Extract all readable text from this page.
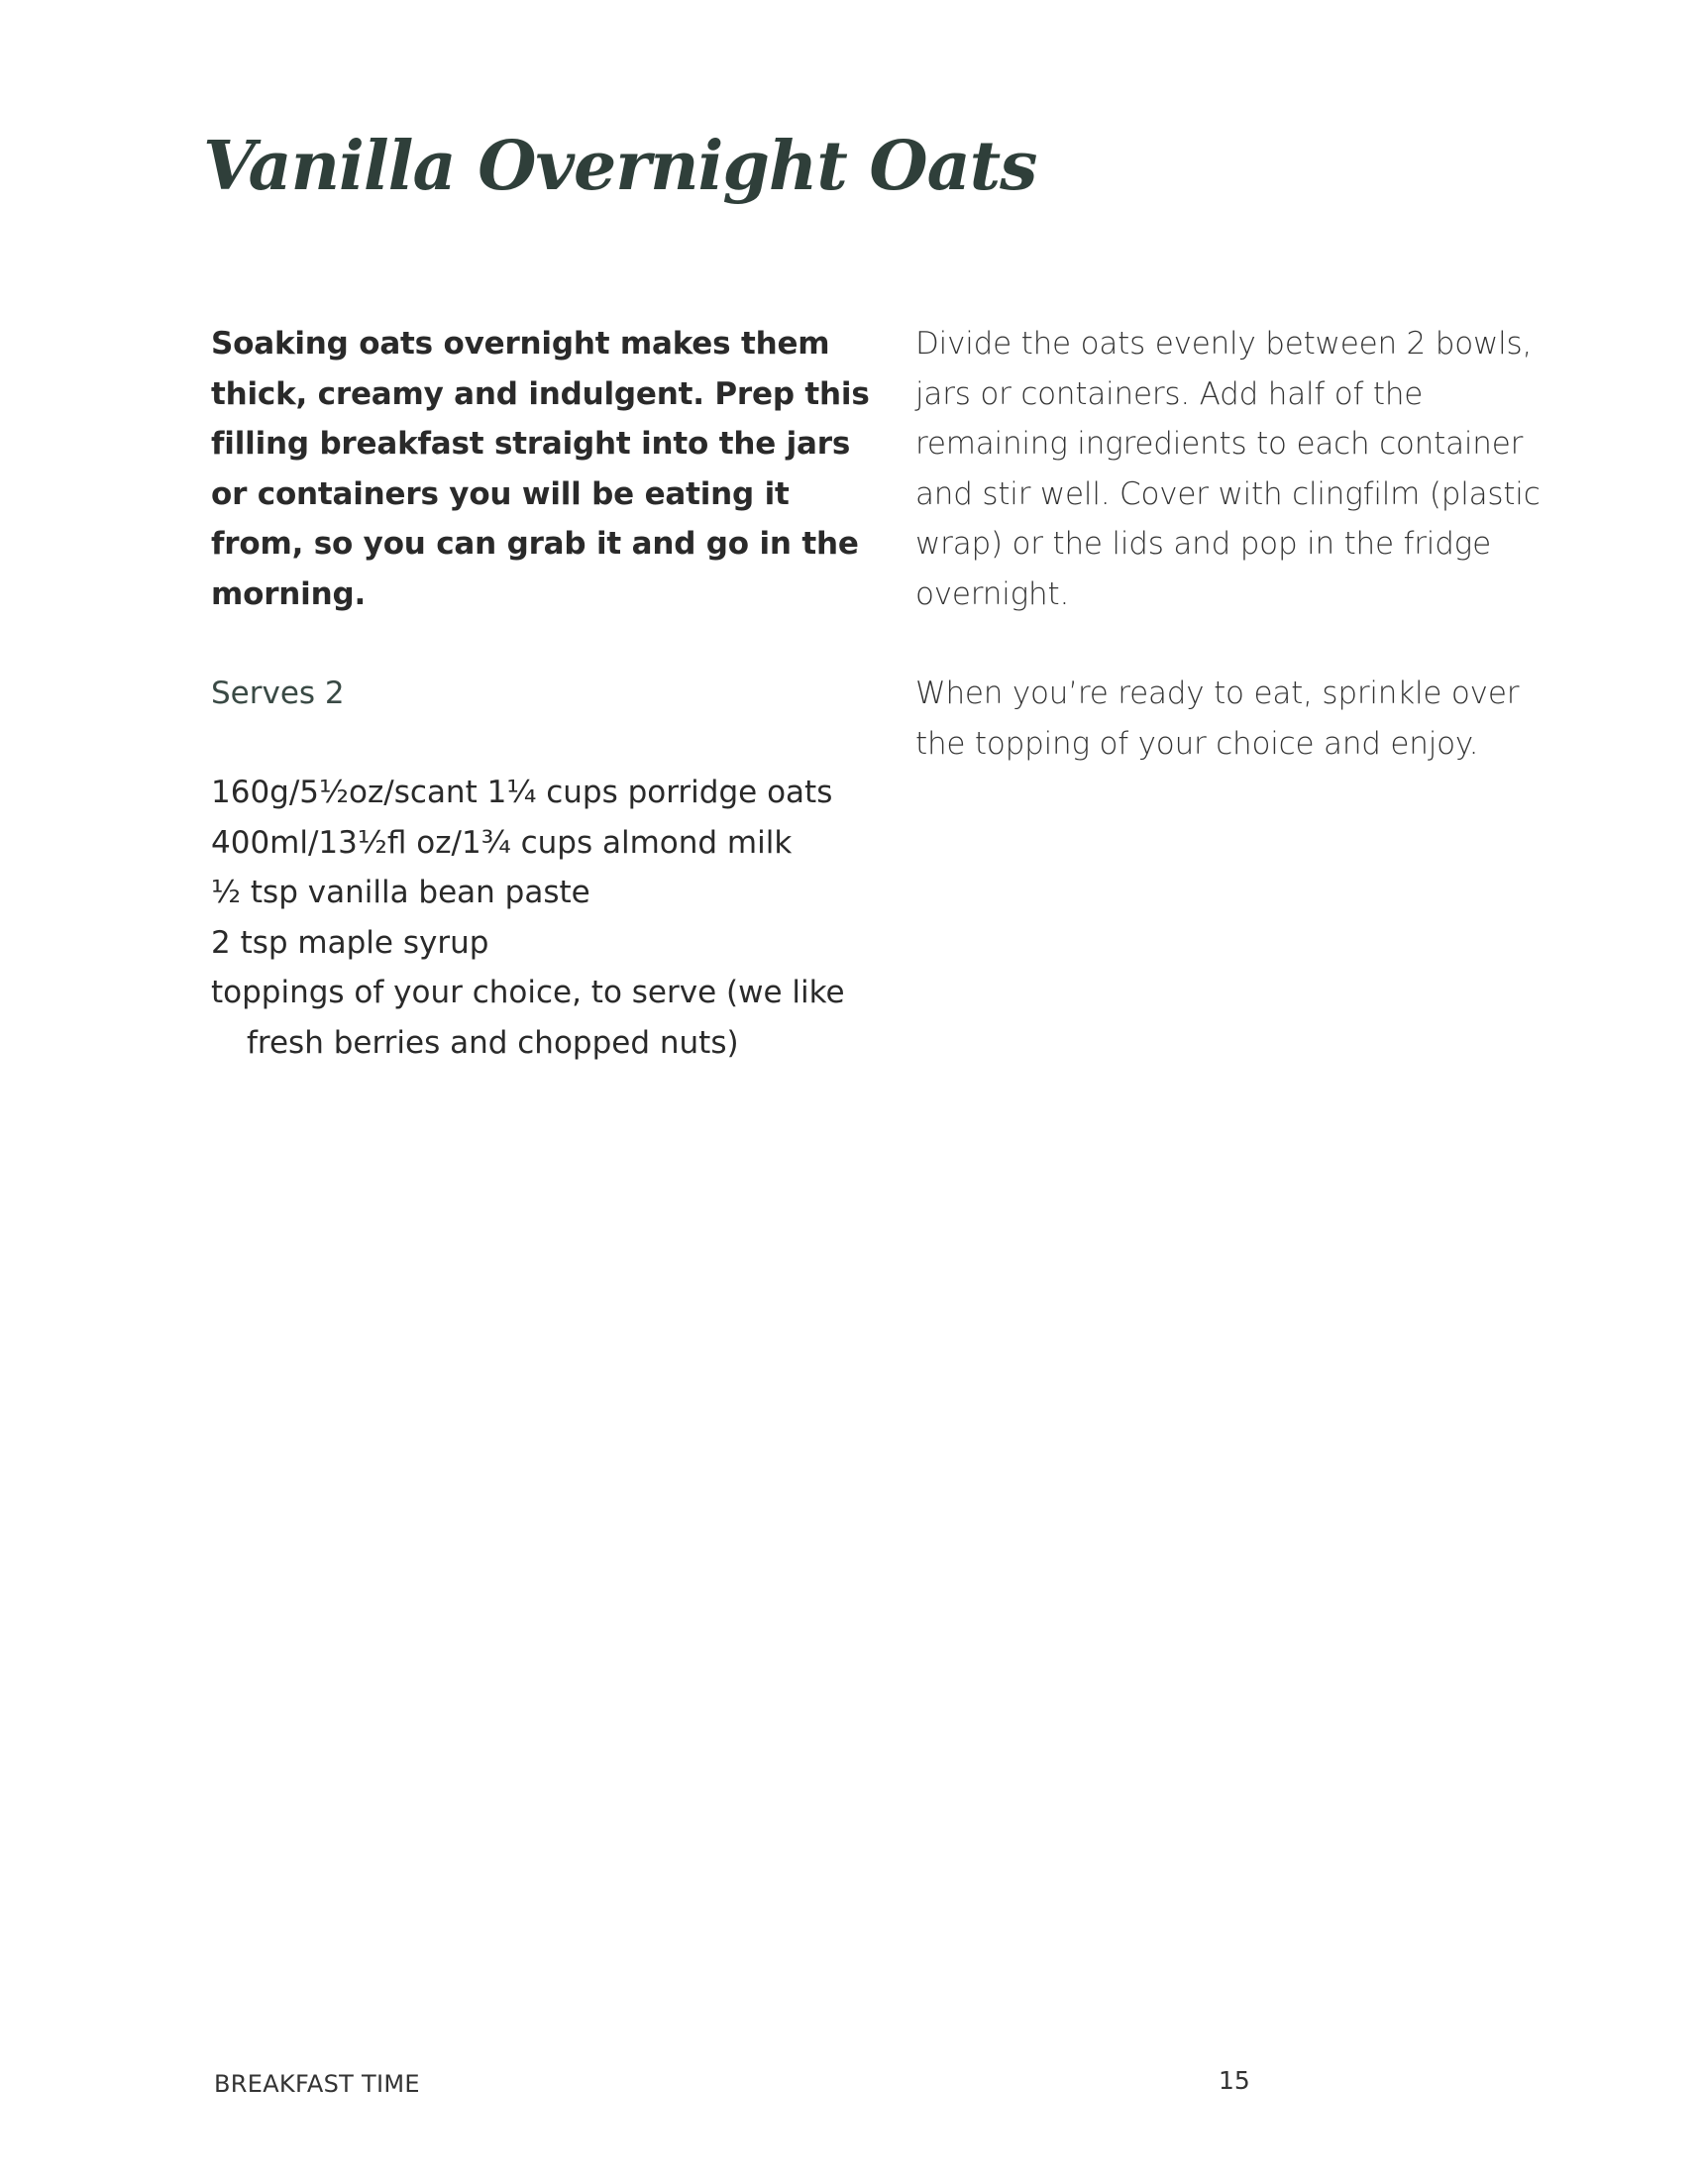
Vanilla Overnight Oats

Soaking oats overnight makes them thick, creamy and indulgent. Prep this filling breakfast straight into the jars or containers you will be eating it from, so you can grab it and go in the morning.

Serves 2

160g/5½oz/scant 1¼ cups porridge oats
400ml/13½fl oz/1¾ cups almond milk
½ tsp vanilla bean paste
2 tsp maple syrup
toppings of your choice, to serve (we like fresh berries and chopped nuts)

Divide the oats evenly between 2 bowls, jars or containers. Add half of the remaining ingredients to each container and stir well. Cover with clingfilm (plastic wrap) or the lids and pop in the fridge overnight.

When you’re ready to eat, sprinkle over the topping of your choice and enjoy.

BREAKFAST TIME	15
